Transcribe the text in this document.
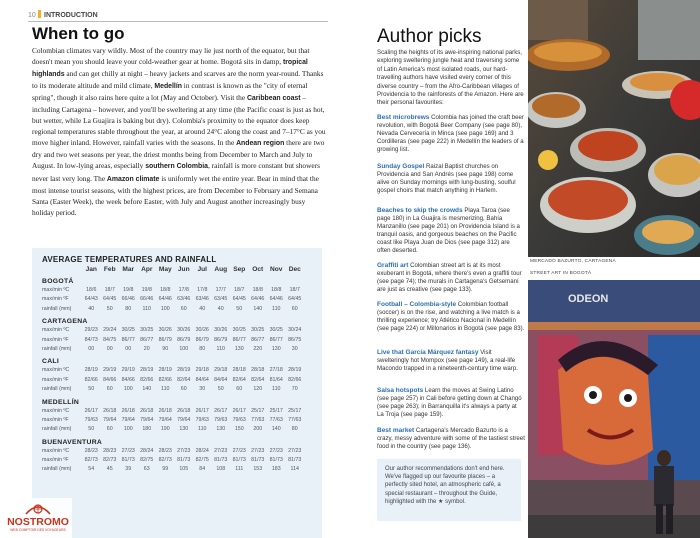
10 INTRODUCTION
When to go
Colombian climates vary wildly. Most of the country may lie just north of the equator, but that doesn't mean you should leave your cold-weather gear at home. Bogotá sits in damp, tropical highlands and can get chilly at night – heavy jackets and scarves are the norm year-round. Thanks to its moderate altitude and mild climate, Medellín in contrast is known as the "city of eternal spring", though it also rains here quite a lot (May and October). Visit the Caribbean coast – including Cartagena – however, and you'll be sweltering at any time (the Pacific coast is just as hot, but wetter, while La Guajira is baking but dry). Colombia's proximity to the equator does keep regional temperatures stable throughout the year, at around 24°C along the coast and 7–17°C as you move higher inland. However, rainfall varies with the seasons. In the Andean region there are two dry and two wet seasons per year, the driest months being from December to March and July to August. In low-lying areas, especially southern Colombia, rainfall is more constant but showers never last very long. The Amazon climate is uniformly wet the entire year. Bear in mind that the most intense tourist seasons, with the highest prices, are from December to February and Semana Santa (Easter Week), the week before Easter, with July and August another increasingly busy holiday period.
AVERAGE TEMPERATURES AND RAINFALL
Jan	Feb	Mar	Apr May Jun	Jul	Aug Sep	Oct	Nov Dec
BOGOTÁ
max/min ºC	18/6	18/7	19/8	19/8	18/8	17/8	17/8	17/7	18/7	18/8	18/8	18/7
max/min ºF	64/43 64/45 66/46 66/46 64/46 63/46 63/46 63/45 64/45 64/46 64/46 64/45
rainfall (mm)	40	50	80	110	100	60	40	40	50	140	110	60
CARTAGENA
max/min ºC	29/23 29/24 30/25 30/25 30/26 30/26 30/26 30/26 30/25 30/25 30/25 30/24
max/min ºF	84/73 84/75 86/77 86/77 86/79 86/79 86/79 86/79 86/77 86/77 86/77 86/75
rainfall (mm)	00	00	00	20	90	100	80	110	130	220	130	30
CALI
max/min ºC	28/19 29/19 29/19 28/19 28/19 28/19 29/18 29/18 28/18 28/18 27/18 28/19
max/min ºF	82/66 84/66 84/66 82/66 82/66 82/64 84/64 84/64 82/64 82/64 81/64 82/66
rainfall (mm)	50	60	100	140	110	60	30	50	60	120	110	70
MEDELLÍN
max/min ºC	26/17 26/18 26/18 26/18 26/18 26/18 26/17 26/17 26/17 25/17 25/17 25/17
max/min ºF	79/63 79/64 79/64 79/64 79/64 79/64 79/63 79/63 79/63 77/63 77/63 77/63
rainfall (mm)	50	60	100	180	190	130	110	130	150	200	140	80
BUENAVENTURA
max/min ºC	28/23 28/23 27/23 28/24 28/23 27/23 28/24 27/23 27/23 27/23 27/23 27/23
max/min ºF	82/73 82/73 81/73 82/75 82/73 81/73 82/75 81/73 81/73 81/73 81/73 81/73
rainfall (mm)	54	45	39	63	99	105	84	108	111	153	183	114
NOSTROMO
WEB COMPTOIR DES VOYAGEURS
Author picks
Scaling the heights of its awe-inspiring national parks, exploring sweltering jungle heat and traversing some of Latin America's most isolated roads, our hard-travelling authors have visited every corner of this diverse country – from the Afro-Caribbean villages of Providencia to the rainforests of the Amazon. Here are their personal favourites:
Best microbrews Colombia has joined the craft beer revolution, with Bogotá Beer Company (see page 80), Nevada Cervecería in Minca (see page 169) and 3 Cordilleras (see page 222) in Medellín the leaders of a growing list.
Sunday Gospel Raizal Baptist churches on Providencia and San Andrés (see page 198) come alive on Sunday mornings with lung-busting, soulful gospel choirs that match anything in Harlem.
Beaches to skip the crowds Playa Taroa (see page 180) in La Guajira is mesmerizing, Bahía Manzanillo (see page 201) on Providencia Island is a tranquil oasis, and gorgeous beaches on the Pacific coast like Playa Juan de Dios (see page 312) are often deserted.
Graffiti art Colombian street art is at its most exuberant in Bogotá, where there's even a graffiti tour (see page 74); the murals in Cartagena's Getsemaní are just as creative (see page 133).
Football – Colombia-style Colombian football (soccer) is on the rise, and watching a live match is a thrilling experience; try Atlético Nacional in Medellín (see page 224) or Millonarios in Bogotá (see page 83).
Live that García Márquez fantasy Visit swelteringly hot Mompox (see page 149), a real-life Macondo trapped in a nineteenth-century time warp.
Salsa hotspots Learn the moves at Swing Latino (see page 257) in Cali before getting down at Changó (see page 263); in Barranquilla it's always a party at La Troja (see page 159).
Best market Cartagena's Mercado Bazurto is a crazy, messy adventure with some of the tastiest street food in the country (see page 136).
Our author recommendations don't end here. We've flagged up our favourite places – a perfectly sited hotel, an atmospheric café, a special restaurant – throughout the Guide, highlighted with the ★ symbol.
MERCADO BAZURTO, CARTAGENA
STREET ART IN BOGOTÁ
ODEON
